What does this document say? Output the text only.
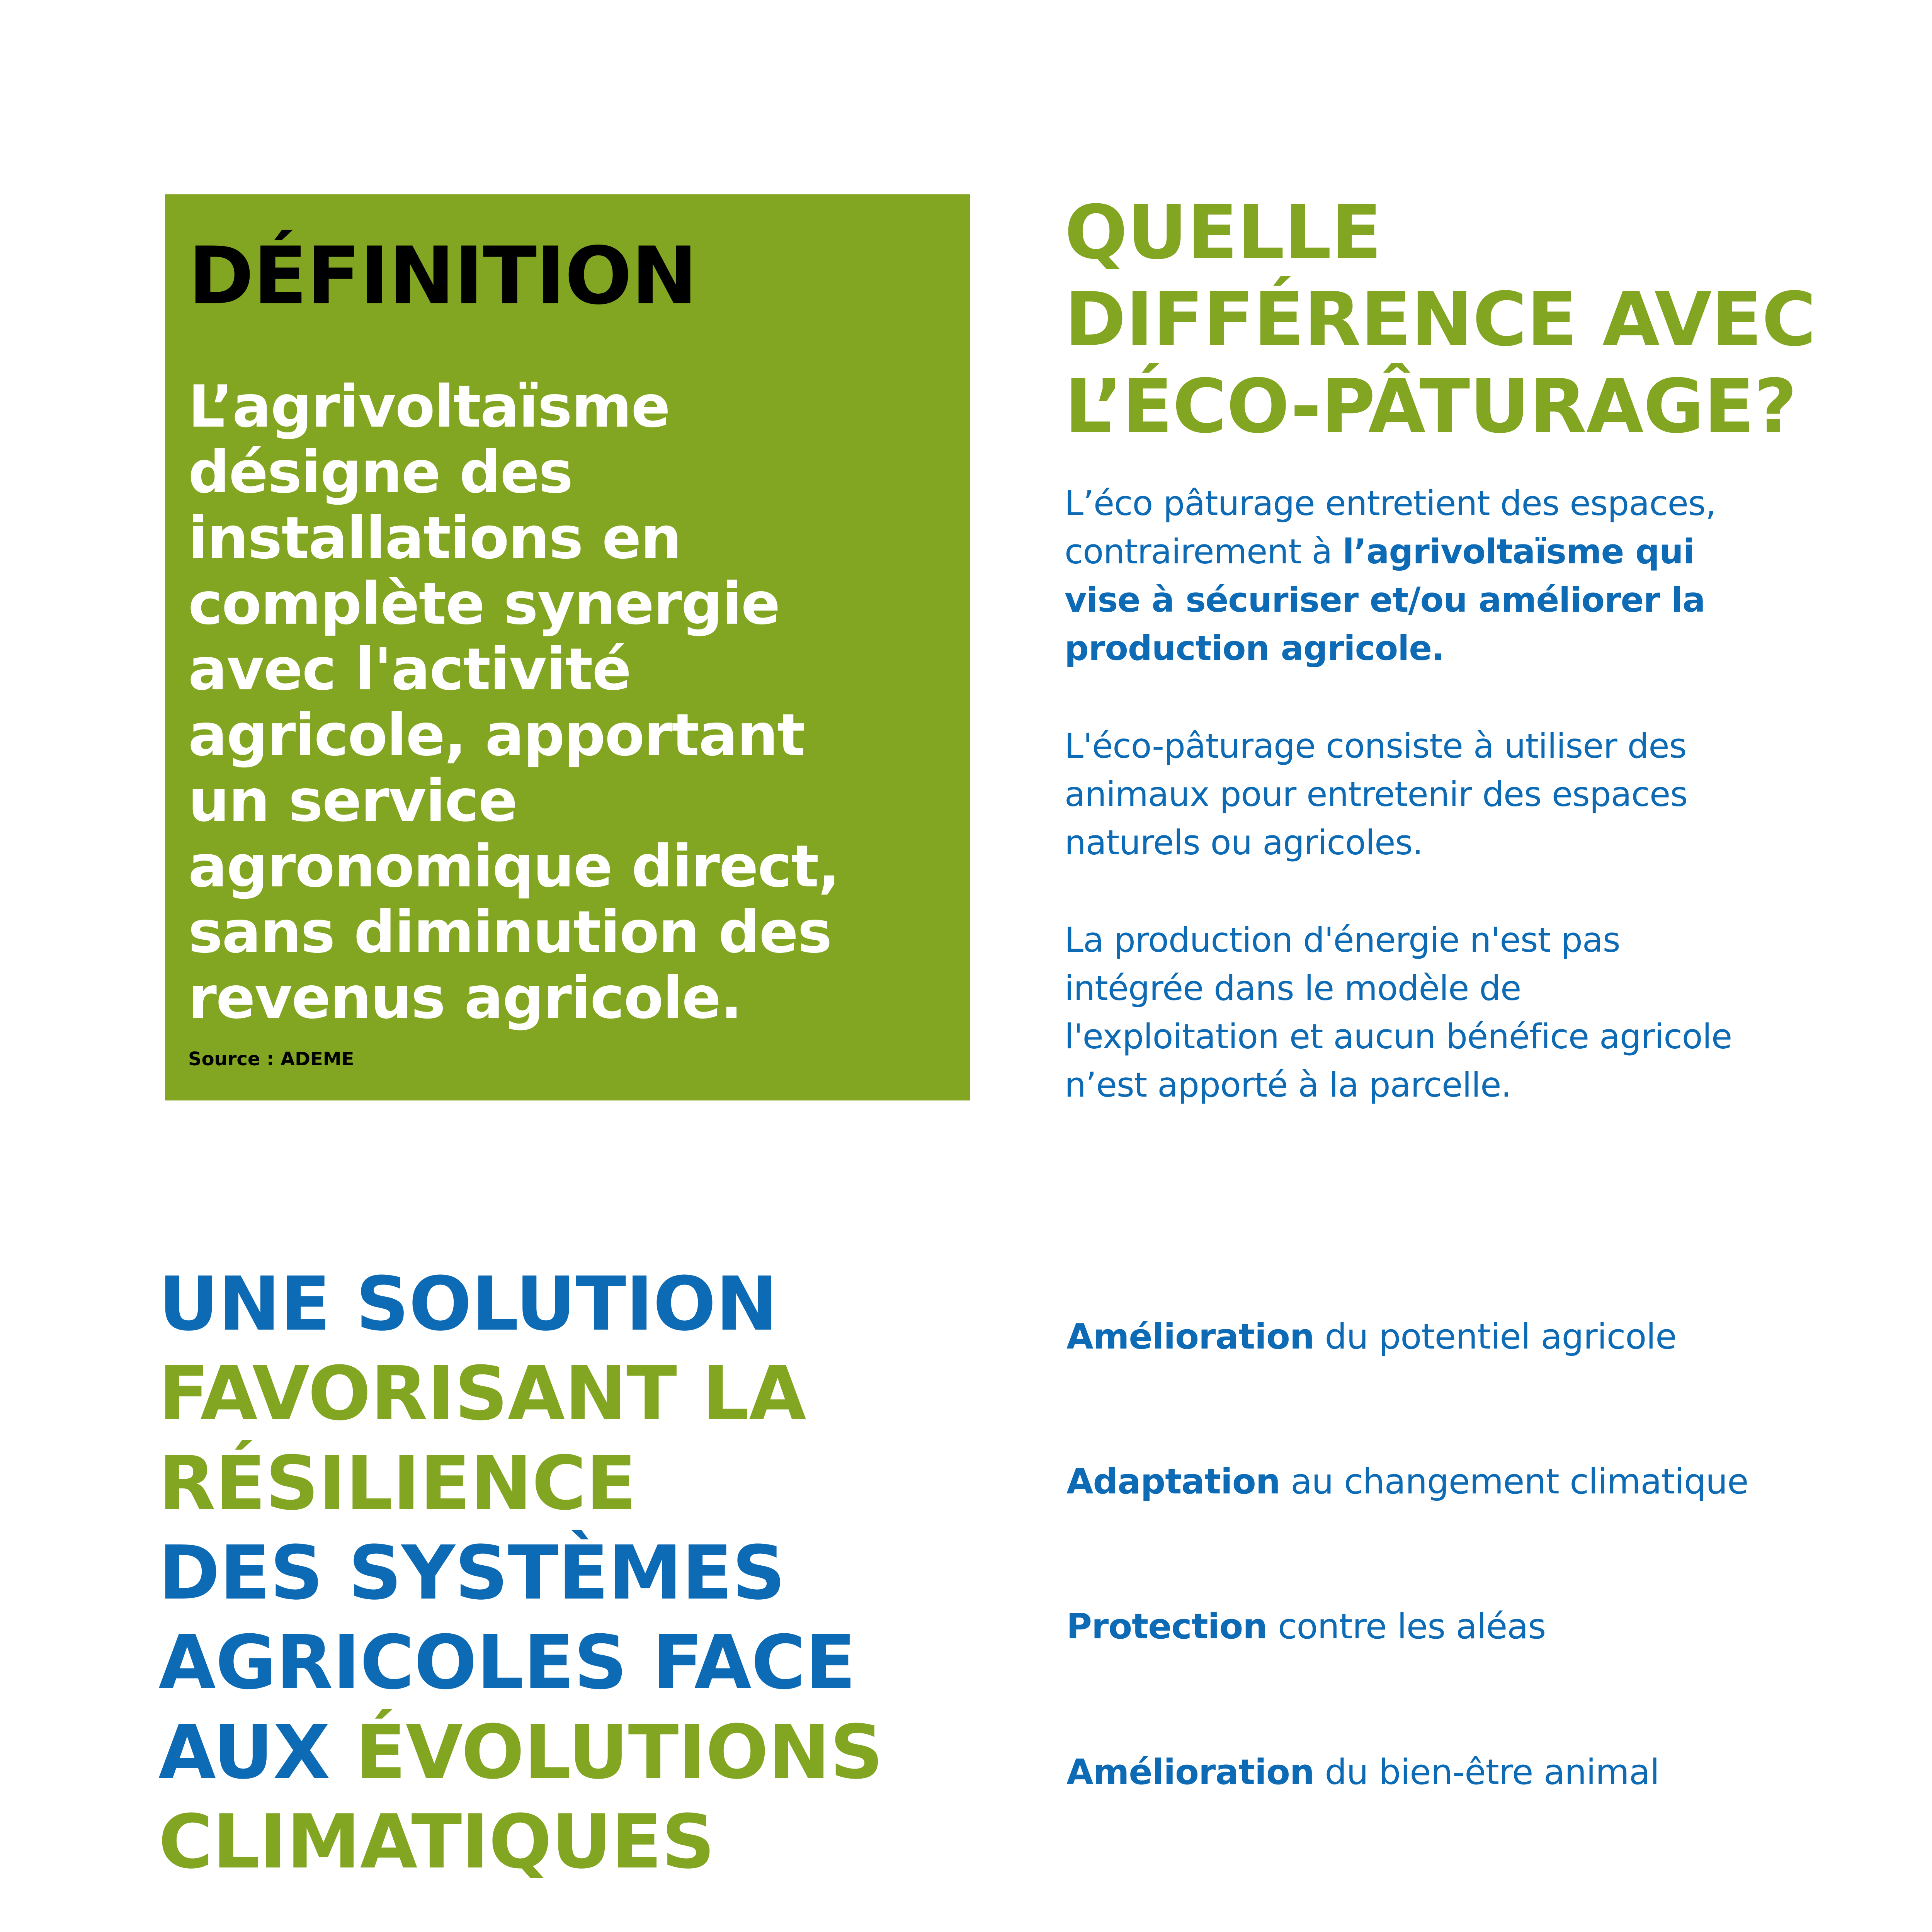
DÉFINITION
L’agrivoltaïsme
désigne des
installations en
complète synergie
avec l'activité
agricole, apportant
un service
agronomique direct,
sans diminution des
revenus agricole.
Source : ADEME
QUELLE
DIFFÉRENCE AVEC
L’ÉCO-PÂTURAGE?
L’éco pâturage entretient des espaces,
contrairement à l’agrivoltaïsme qui
vise à sécuriser et/ou améliorer la
production agricole.
L'éco-pâturage consiste à utiliser des
animaux pour entretenir des espaces
naturels ou agricoles.
La production d'énergie n'est pas
intégrée dans le modèle de
l'exploitation et aucun bénéfice agricole
n’est apporté à la parcelle.
UNE SOLUTION
FAVORISANT LA
RÉSILIENCE
DES SYSTÈMES
AGRICOLES FACE
AUX ÉVOLUTIONS
CLIMATIQUES
Amélioration du potentiel agricole
Adaptation au changement climatique
Protection contre les aléas
Amélioration du bien-être animal
